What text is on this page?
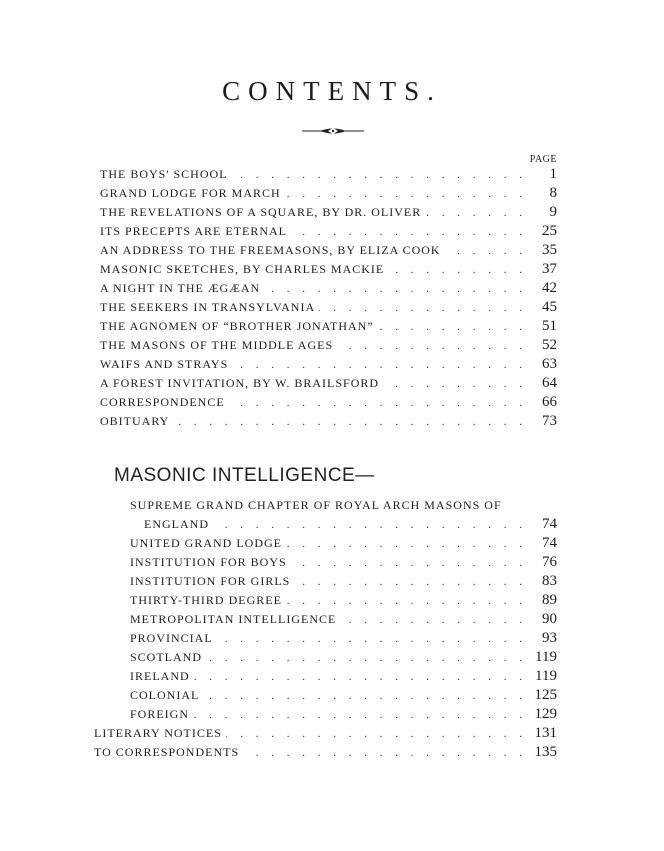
CONTENTS.
PAGE
THE BOYS' SCHOOL . . .	1
GRAND LODGE FOR MARCH . . .	8
THE REVELATIONS OF A SQUARE, BY DR. OLIVER . . .	9
ITS PRECEPTS ARE ETERNAL . . .	25
AN ADDRESS TO THE FREEMASONS, BY ELIZA COOK . . .	35
MASONIC SKETCHES, BY CHARLES MACKIE . . .	37
A NIGHT IN THE ÆGÆAN . . .	42
THE SEEKERS IN TRANSYLVANIA . . .	45
THE AGNOMEN OF “BROTHER JONATHAN” . . .	51
THE MASONS OF THE MIDDLE AGES . . .	52
WAIFS AND STRAYS . . .	63
A FOREST INVITATION, BY W. BRAILSFORD . . .	64
CORRESPONDENCE . . .	66
OBITUARY . . .	73
MASONIC INTELLIGENCE—
SUPREME GRAND CHAPTER OF ROYAL ARCH MASONS OF
ENGLAND . . .	74
UNITED GRAND LODGE . . .	74
INSTITUTION FOR BOYS . . .	76
INSTITUTION FOR GIRLS . . .	83
THIRTY-THIRD DEGREE . . .	89
METROPOLITAN INTELLIGENCE . . .	90
PROVINCIAL . . .	93
SCOTLAND . . .	119
IRELAND . . .	119
COLONIAL . . .	125
FOREIGN . . .	129
LITERARY NOTICES . . .	131
TO CORRESPONDENTS . . .	135
